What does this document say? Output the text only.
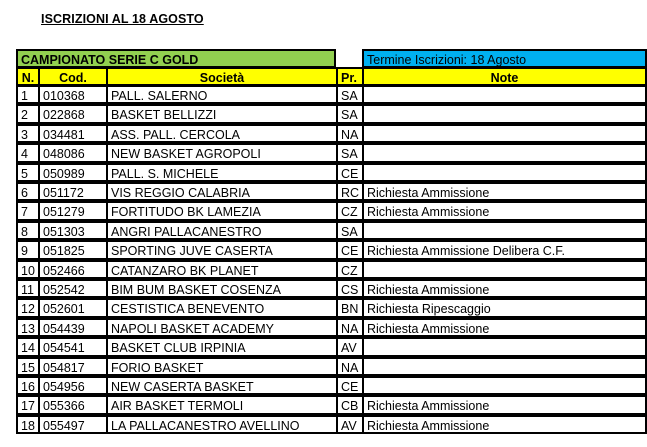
ISCRIZIONI AL 18 AGOSTO
CAMPIONATO SERIE C GOLD	Termine Iscrizioni: 18 Agosto
N.	Cod.	Società	Pr.	Note
1	010368	PALL. SALERNO	SA
2	022868	BASKET BELLIZZI	SA
3	034481	ASS. PALL. CERCOLA	NA
4	048086	NEW BASKET AGROPOLI	SA
5	050989	PALL. S. MICHELE	CE
6	051172	VIS REGGIO CALABRIA	RC Richiesta Ammissione
7	051279	FORTITUDO BK LAMEZIA	CZ Richiesta Ammissione
8	051303	ANGRI PALLACANESTRO	SA
9	051825	SPORTING JUVE CASERTA	CE Richiesta Ammissione Delibera C.F.
10 052466	CATANZARO BK PLANET	CZ
11 052542	BIM BUM BASKET COSENZA	CS Richiesta Ammissione
12 052601	CESTISTICA BENEVENTO	BN Richiesta Ripescaggio
13 054439	NAPOLI BASKET ACADEMY	NA Richiesta Ammissione
14 054541	BASKET CLUB IRPINIA	AV
15 054817	FORIO BASKET	NA
16 054956	NEW CASERTA BASKET	CE
17 055366	AIR BASKET TERMOLI	CB Richiesta Ammissione
18 055497	LA PALLACANESTRO AVELLINO	AV Richiesta Ammissione
